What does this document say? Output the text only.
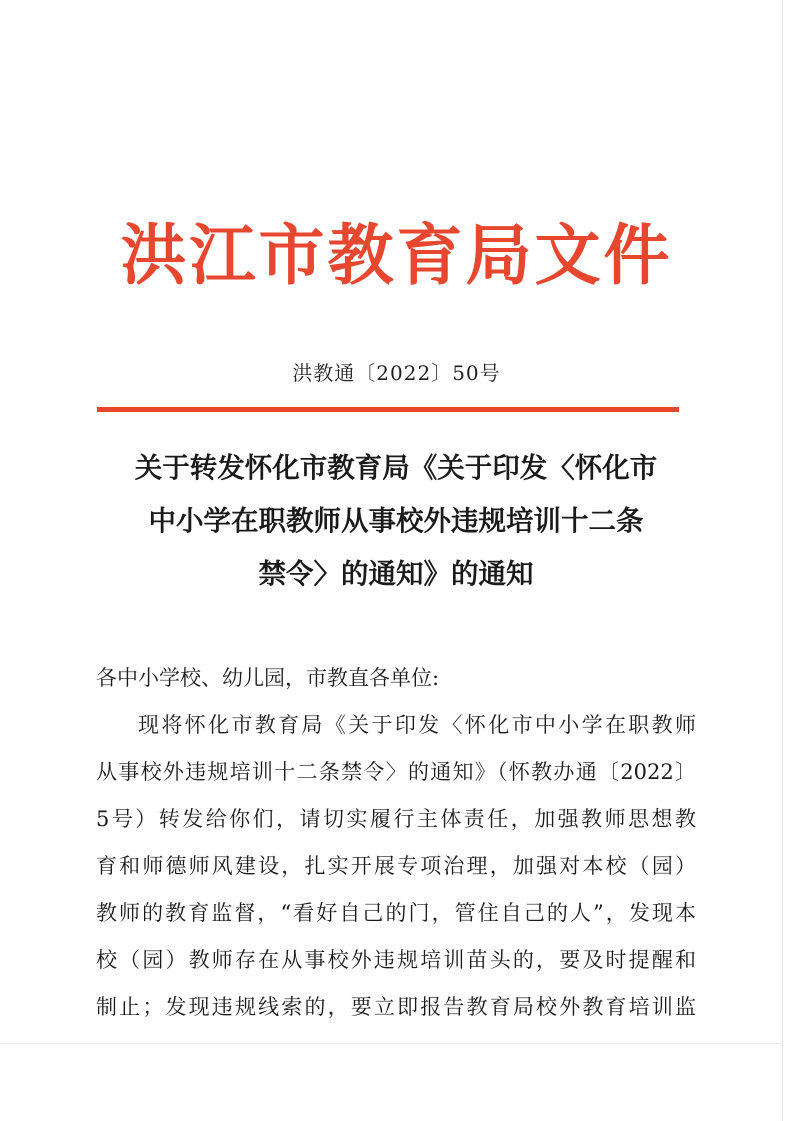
洪江市教育局文件
洪教通〔2022〕50号
关于转发怀化市教育局《关于印发〈怀化市
中小学在职教师从事校外违规培训十二条
禁令〉的通知》的通知
各中小学校、幼儿园，市教直各单位:
现将怀化市教育局《关于印发〈怀化市中小学在职教师
从事校外违规培训十二条禁令〉的通知》（怀教办通〔2022〕
5号）转发给你们，请切实履行主体责任，加强教师思想教
育和师德师风建设，扎实开展专项治理，加强对本校（园）
教师的教育监督，“看好自己的门，管住自己的人”，发现本
校（园）教师存在从事校外违规培训苗头的，要及时提醒和
制止；发现违规线索的，要立即报告教育局校外教育培训监
